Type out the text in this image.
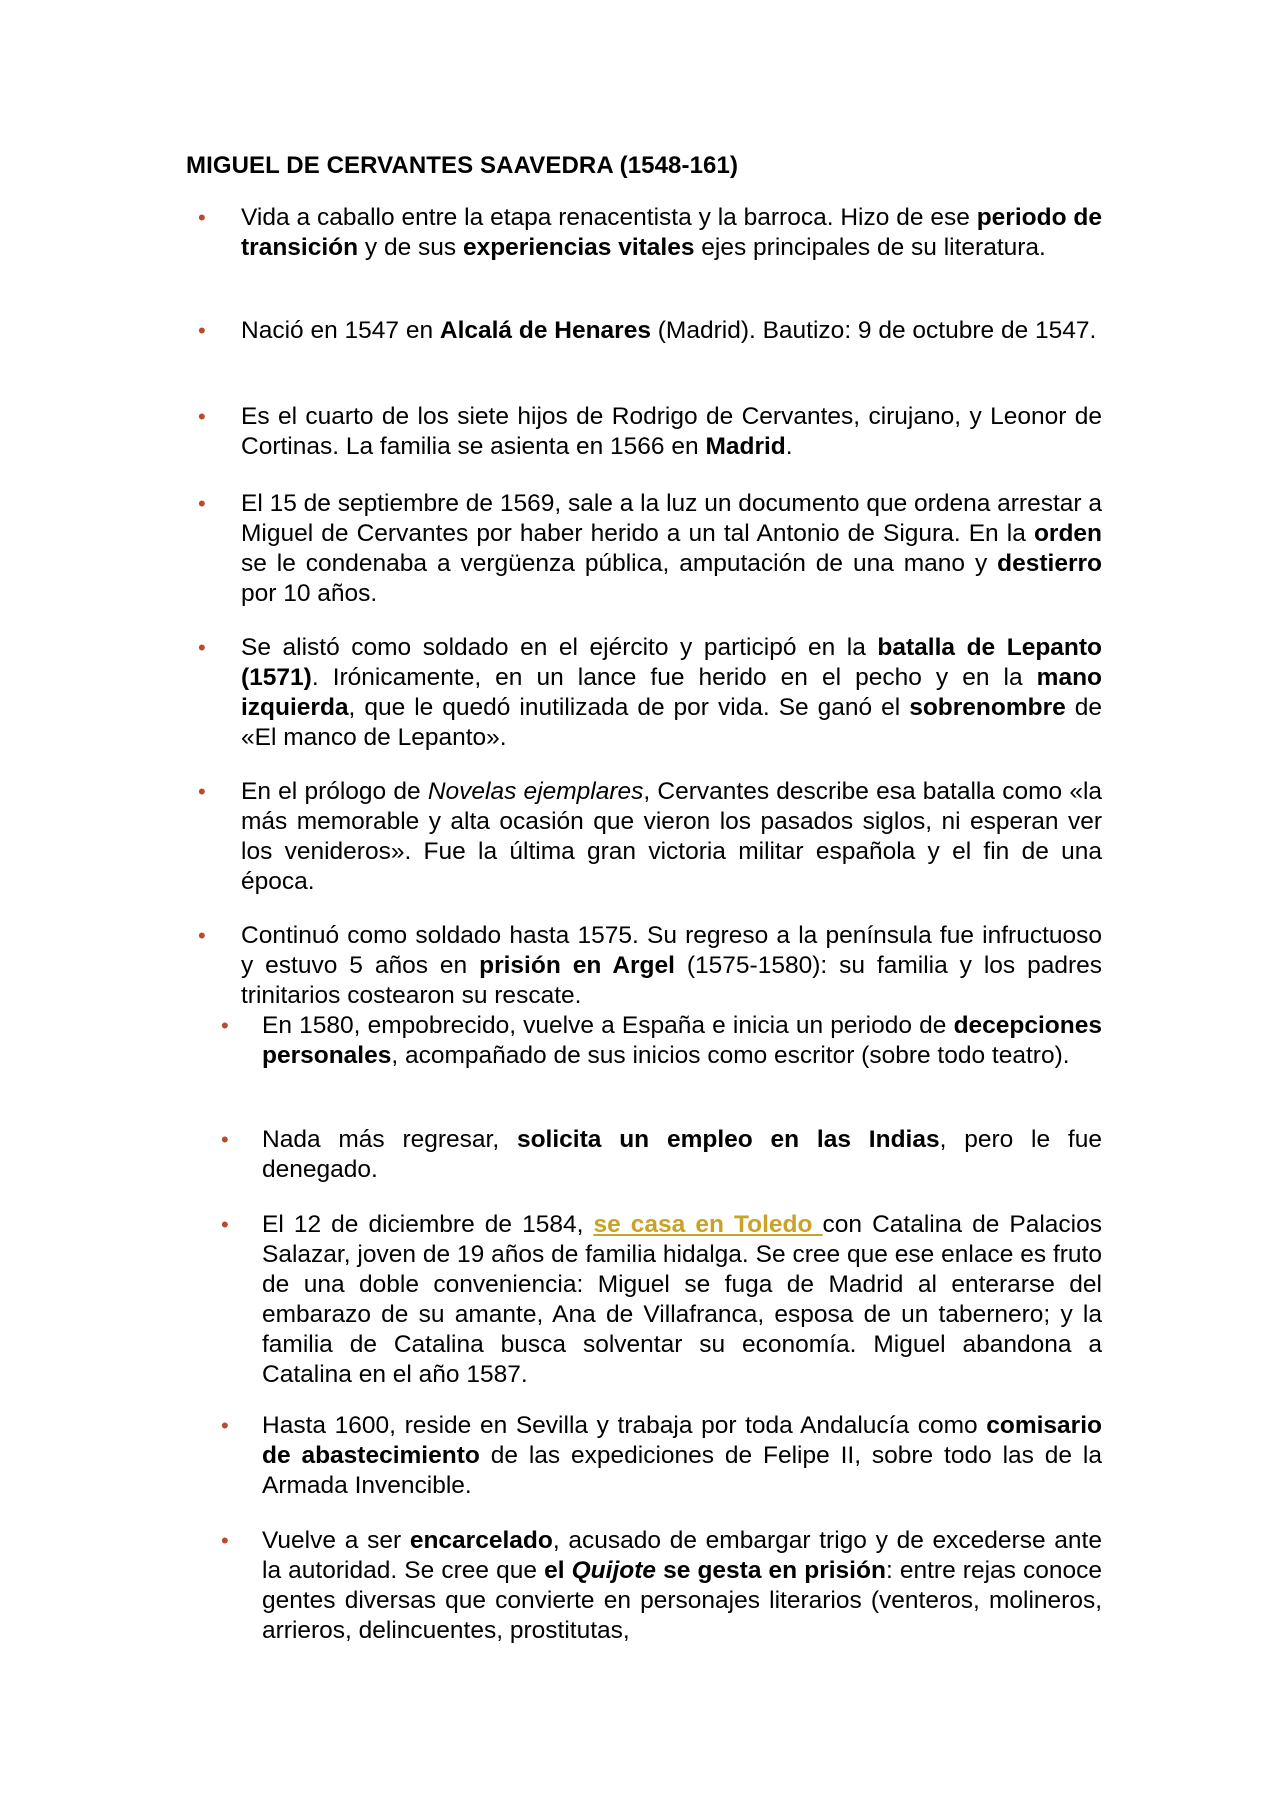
MIGUEL DE CERVANTES SAAVEDRA (1548-161)
• Vida a caballo entre la etapa renacentista y la barroca. Hizo de ese periodo de transición y de sus experiencias vitales ejes principales de su literatura.

• Nació en 1547 en Alcalá de Henares (Madrid). Bautizo: 9 de octubre de 1547.

• Es el cuarto de los siete hijos de Rodrigo de Cervantes, cirujano, y Leonor de Cortinas. La familia se asienta en 1566 en Madrid.

• El 15 de septiembre de 1569, sale a la luz un documento que ordena arrestar a Miguel de Cervantes por haber herido a un tal Antonio de Sigura. En la orden se le condenaba a vergüenza pública, amputación de una mano y destierro por 10 años.

• Se alistó como soldado en el ejército y participó en la batalla de Lepanto (1571). Irónicamente, en un lance fue herido en el pecho y en la mano izquierda, que le quedó inutilizada de por vida. Se ganó el sobrenombre de «El manco de Lepanto».

• En el prólogo de Novelas ejemplares, Cervantes describe esa batalla como «la más memorable y alta ocasión que vieron los pasados siglos, ni esperan ver los venideros». Fue la última gran victoria militar española y el fin de una época.

• Continuó como soldado hasta 1575. Su regreso a la península fue infructuoso y estuvo 5 años en prisión en Argel (1575-1580): su familia y los padres trinitarios costearon su rescate.

• En 1580, empobrecido, vuelve a España e inicia un periodo de decepciones personales, acompañado de sus inicios como escritor (sobre todo teatro).

• Nada más regresar, solicita un empleo en las Indias, pero le fue denegado.

• El 12 de diciembre de 1584, se casa en Toledo con Catalina de Palacios Salazar, joven de 19 años de familia hidalga. Se cree que ese enlace es fruto de una doble conveniencia: Miguel se fuga de Madrid al enterarse del embarazo de su amante, Ana de Villafranca, esposa de un tabernero; y la familia de Catalina busca solventar su economía. Miguel abandona a Catalina en el año 1587.

• Hasta 1600, reside en Sevilla y trabaja por toda Andalucía como comisario de abastecimiento de las expediciones de Felipe II, sobre todo las de la Armada Invencible.

• Vuelve a ser encarcelado, acusado de embargar trigo y de excederse ante la autoridad. Se cree que el Quijote se gesta en prisión: entre rejas conoce gentes diversas que convierte en personajes literarios (venteros, molineros, arrieros, delincuentes, prostitutas,
